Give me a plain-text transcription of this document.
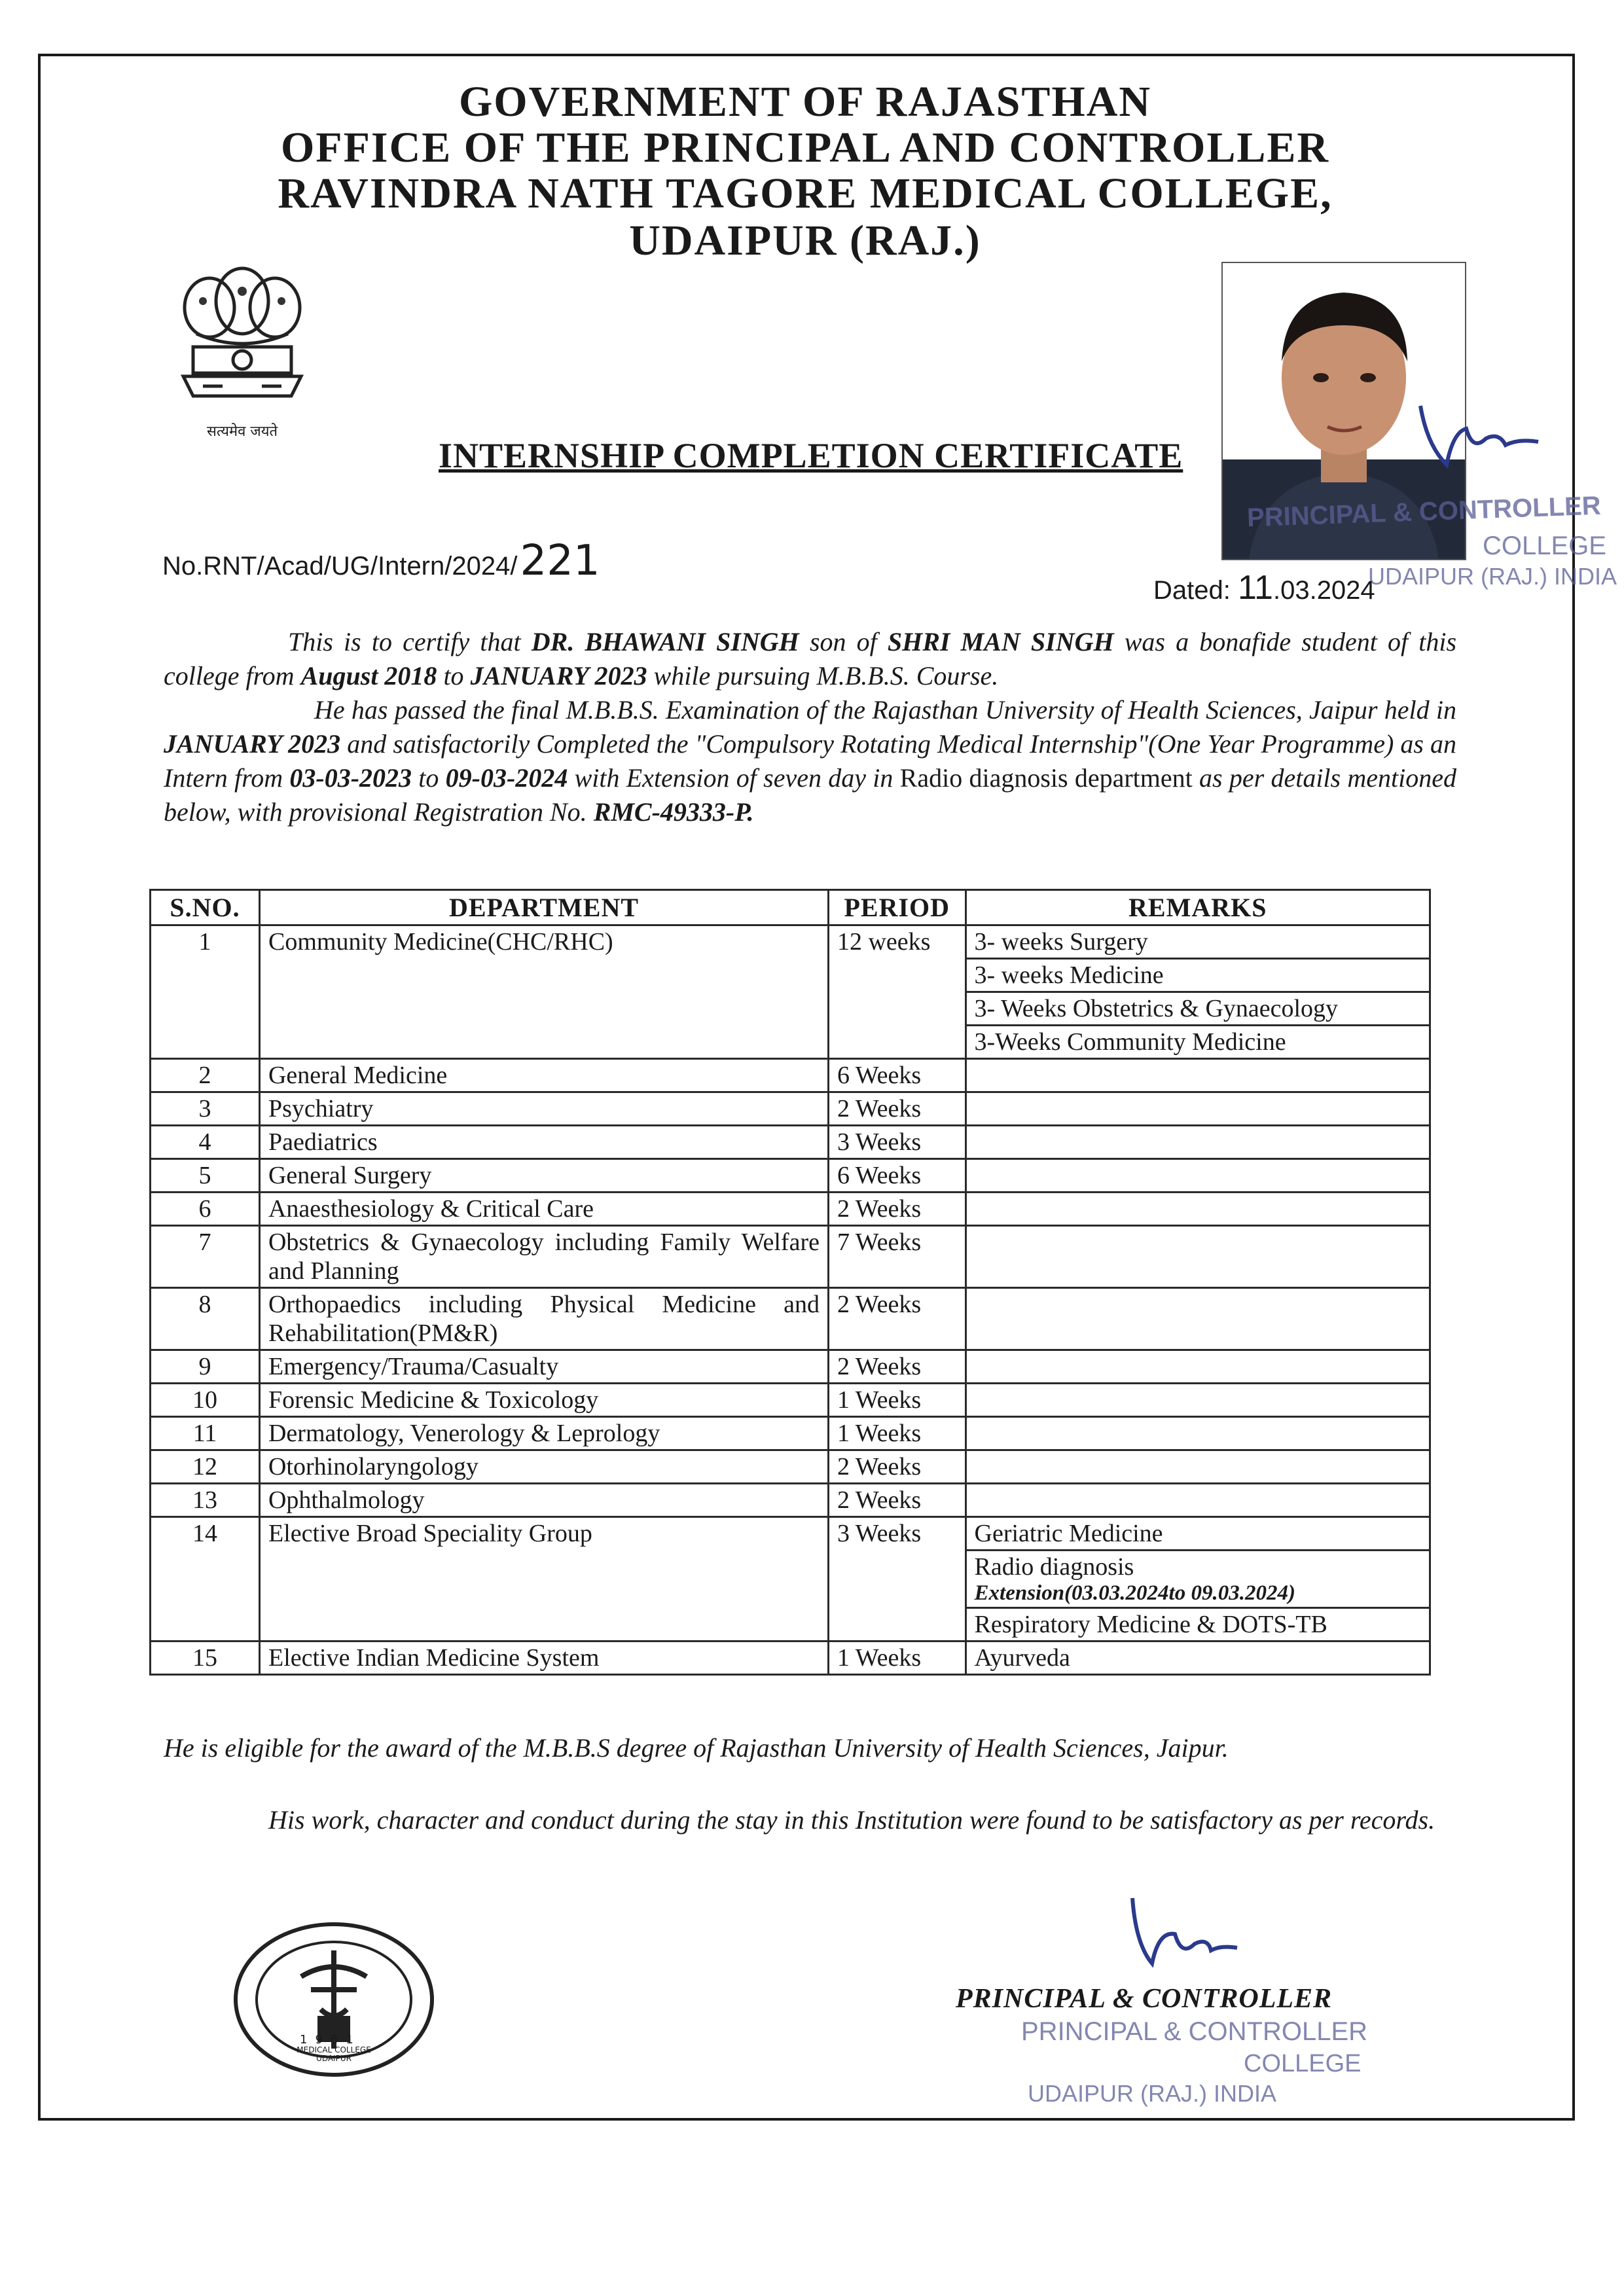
GOVERNMENT OF RAJASTHAN
OFFICE OF THE PRINCIPAL AND CONTROLLER
RAVINDRA NATH TAGORE MEDICAL COLLEGE,
UDAIPUR (RAJ.)
सत्यमेव जयते
PRINCIPAL & CONTROLLER
COLLEGE
UDAIPUR (RAJ.) INDIA
INTERNSHIP COMPLETION CERTIFICATE
No.RNT/Acad/UG/Intern/2024/221
Dated: 11.03.2024
This is to certify that DR. BHAWANI SINGH son of SHRI MAN SINGH was a bonafide student of this college from August 2018 to JANUARY 2023 while pursuing M.B.B.S. Course.
He has passed the final M.B.B.S. Examination of the Rajasthan University of Health Sciences, Jaipur held in JANUARY 2023 and satisfactorily Completed the "Compulsory Rotating Medical Internship"(One Year Programme) as an Intern from 03-03-2023 to 09-03-2024 with Extension of seven day in Radio diagnosis department as per details mentioned below, with provisional Registration No. RMC-49333-P.
S.NO.	DEPARTMENT	PERIOD	REMARKS
1	Community Medicine(CHC/RHC)	12 weeks	3- weeks Surgery
3- weeks Medicine
3- Weeks Obstetrics & Gynaecology
3-Weeks Community Medicine

2	General Medicine	6 Weeks	
3	Psychiatry	2 Weeks	
4	Paediatrics	3 Weeks	
5	General Surgery	6 Weeks	
6	Anaesthesiology & Critical Care	2 Weeks	
7	Obstetrics & Gynaecology including Family Welfare and Planning	7 Weeks	
8	Orthopaedics including Physical Medicine and Rehabilitation(PM&R)	2 Weeks	
9	Emergency/Trauma/Casualty	2 Weeks	
10	Forensic Medicine & Toxicology	1 Weeks	
11	Dermatology, Venerology & Leprology	1 Weeks	
12	Otorhinolaryngology	2 Weeks	
13	Ophthalmology	2 Weeks	
14	Elective Broad Speciality Group	3 Weeks	Geriatric Medicine
Radio diagnosis
Extension(03.03.2024to 09.03.2024)
Respiratory Medicine & DOTS-TB

15	Elective Indian Medicine System	1 Weeks	Ayurveda
He is eligible for the award of the M.B.B.S degree of Rajasthan University of Health Sciences, Jaipur.
His work, character and conduct during the stay in this Institution were found to be satisfactory as per records.
1961
MEDICAL COLLEGE UDAIPUR
PRINCIPAL & CONTROLLER
PRINCIPAL & CONTROLLER
COLLEGE
UDAIPUR (RAJ.) INDIA
